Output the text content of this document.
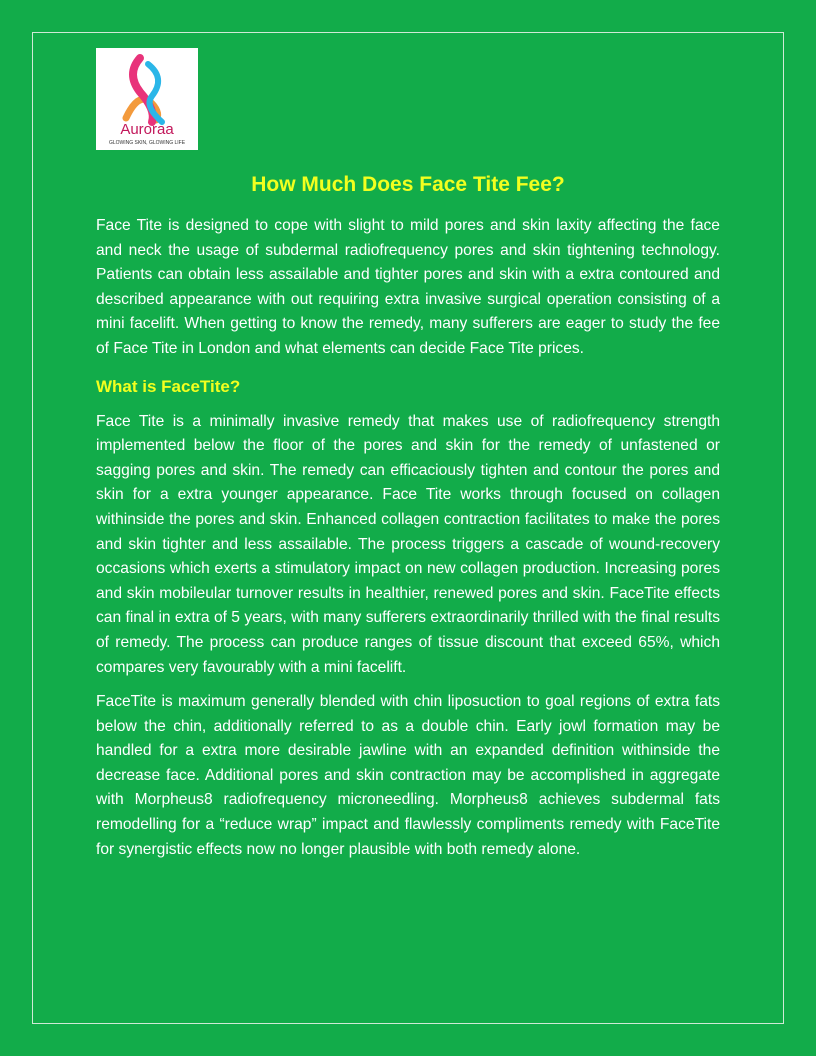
Auroraa
GLOWING SKIN, GLOWING LIFE
How Much Does Face Tite Fee?

Face Tite is designed to cope with slight to mild pores and skin laxity affecting the face and neck the usage of subdermal radiofrequency pores and skin tightening technology. Patients can obtain less assailable and tighter pores and skin with a extra contoured and described appearance with out requiring extra invasive surgical operation consisting of a mini facelift. When getting to know the remedy, many sufferers are eager to study the fee of Face Tite in London and what elements can decide Face Tite prices.

What is FaceTite?

Face Tite is a minimally invasive remedy that makes use of radiofrequency strength implemented below the floor of the pores and skin for the remedy of unfastened or sagging pores and skin. The remedy can efficaciously tighten and contour the pores and skin for a extra younger appearance. Face Tite works through focused on collagen withinside the pores and skin. Enhanced collagen contraction facilitates to make the pores and skin tighter and less assailable. The process triggers a cascade of wound-recovery occasions which exerts a stimulatory impact on new collagen production. Increasing pores and skin mobileular turnover results in healthier, renewed pores and skin. FaceTite effects can final in extra of 5 years, with many sufferers extraordinarily thrilled with the final results of remedy. The process can produce ranges of tissue discount that exceed 65%, which compares very favourably with a mini facelift.

FaceTite is maximum generally blended with chin liposuction to goal regions of extra fats below the chin, additionally referred to as a double chin. Early jowl formation may be handled for a extra more desirable jawline with an expanded definition withinside the decrease face. Additional pores and skin contraction may be accomplished in aggregate with Morpheus8 radiofrequency microneedling. Morpheus8 achieves subdermal fats remodelling for a “reduce wrap” impact and flawlessly compliments remedy with FaceTite for synergistic effects now no longer plausible with both remedy alone.
